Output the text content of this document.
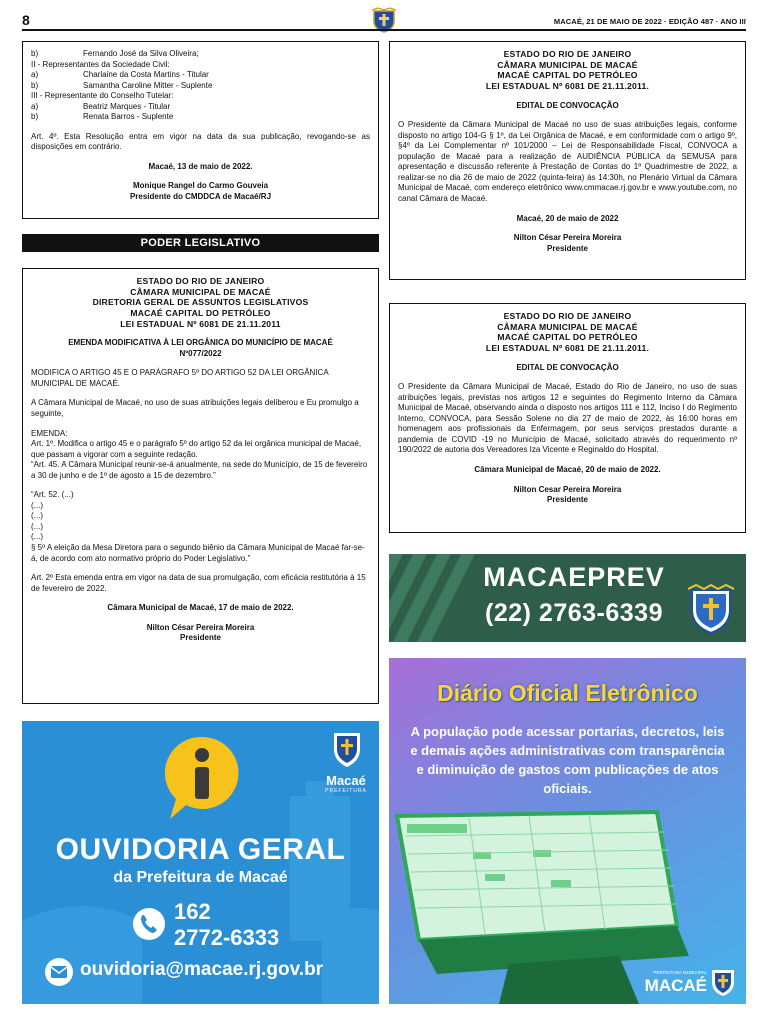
8	MACAÉ, 21 DE MAIO DE 2022 · EDIÇÃO 487 · ANO III
b)	Fernando José da Silva Oliveira;
II - Representantes da Sociedade Civil:
a)	Charlaine da Costa Martins - Titular
b)	Samantha Caroline Mitter - Suplente
III - Representante do Conselho Tutelar:
a)	Beatriz Marques - Titular
b)	Renata Barros - Suplente

Art. 4º. Esta Resolução entra em vigor na data da sua publicação, revogando-se as disposições em contrário.

Macaé, 13 de maio de 2022.

Monique Rangel do Carmo Gouveia

Presidente do CMDDCA de Macaé/RJ

PODER LEGISLATIVO
ESTADO DO RIO DE JANEIRO
CÂMARA MUNICIPAL DE MACAÉ
DIRETORIA GERAL DE ASSUNTOS LEGISLATIVOS
MACAÉ CAPITAL DO PETRÓLEO
LEI ESTADUAL Nº 6081 DE 21.11.2011

EMENDA MODIFICATIVA À LEI ORGÂNICA DO MUNICÍPIO DE MACAÉ

Nº077/2022

MODIFICA O ARTIGO 45 E O PARÁGRAFO 5º DO ARTIGO 52 DA LEI ORGÂNICA MUNICIPAL DE MACAÉ.

A Câmara Municipal de Macaé, no uso de suas atribuições legais deliberou e Eu promulgo a seguinte,

EMENDA:

Art. 1º. Modifica o artigo 45 e o parágrafo 5º do artigo 52 da lei orgânica municipal de Macaé, que passam a vigorar com a seguinte redação.

“Art. 45. A Câmara Municipal reunir-se-á anualmente, na sede do Município, de 15 de fevereiro a 30 de junho e de 1º de agosto a 15 de dezembro.”

“Art. 52. (...)

(...)

(...)

(...)

(...)

§ 5º A eleição da Mesa Diretora para o segundo biênio da Câmara Municipal de Macaé far-se-á, de acordo com ato normativo próprio do Poder Legislativo.”

Art. 2º Esta emenda entra em vigor na data de sua promulgação, com eficácia restitutória à 15 de fevereiro de 2022.

Câmara Municipal de Macaé, 17 de maio de 2022.

Nilton César Pereira Moreira

Presidente

ESTADO DO RIO DE JANEIRO
CÂMARA MUNICIPAL DE MACAÉ
MACAÉ CAPITAL DO PETRÓLEO
LEI ESTADUAL Nº 6081 DE 21.11.2011.

EDITAL DE CONVOCAÇÃO

O Presidente da Câmara Municipal de Macaé no uso de suas atribuições legais, conforme disposto no artigo 104-G § 1º, da Lei Orgânica de Macaé, e em conformidade com o artigo 9º, §4º da Lei Complementar nº 101/2000 – Lei de Responsabilidade Fiscal, CONVOCA a população de Macaé para a realização de AUDIÊNCIA PÚBLICA da SEMUSA para apresentação e discussão referente à Prestação de Contas do 1º Quadrimestre de 2022, a realizar-se no dia 26 de maio de 2022 (quinta-feira) às 14:30h, no Plenário Virtual da Câmara Municipal de Macaé, com endereço eletrônico www.cmmacae.rj.gov.br e www.youtube.com, no canal Câmara de Macaé.

Macaé, 20 de maio de 2022

Nilton César Pereira Moreira

Presidente

ESTADO DO RIO DE JANEIRO
CÂMARA MUNICIPAL DE MACAÉ
MACAÉ CAPITAL DO PETRÓLEO
LEI ESTADUAL Nº 6081 DE 21.11.2011.

EDITAL DE CONVOCAÇÃO

O Presidente da Câmara Municipal de Macaé, Estado do Rio de Janeiro, no uso de suas atribuições legais, previstas nos artigos 12 e seguintes do Regimento Interno da Câmara Municipal de Macaé, observando ainda o disposto nos artigos 111 e 112, Inciso I do Regimento Interno, CONVOCA, para Sessão Solene no dia 27 de maio de 2022, às 16:00 horas em homenagem aos profissionais da Enfermagem, por seus serviços prestados durante a pandemia de COVID -19 no Município de Macaé, solicitado através do requerimento nº 190/2022 de autoria dos Vereadores Iza Vicente e Reginaldo do Hospital.

Câmara Municipal de Macaé, 20 de maio de 2022.

Nilton Cesar Pereira Moreira

Presidente

MACAEPREV
(22) 2763-6339
Macaé
PREFEITURA
OUVIDORIA GERAL
da Prefeitura de Macaé
162
2772-6333
ouvidoria@macae.rj.gov.br
Diário Oficial Eletrônico
A população pode acessar portarias, decretos, leis e demais ações administrativas com transparência e diminuição de gastos com publicações de atos oficiais.
PREFEITURA MUNICIPAL
MACAÉ
